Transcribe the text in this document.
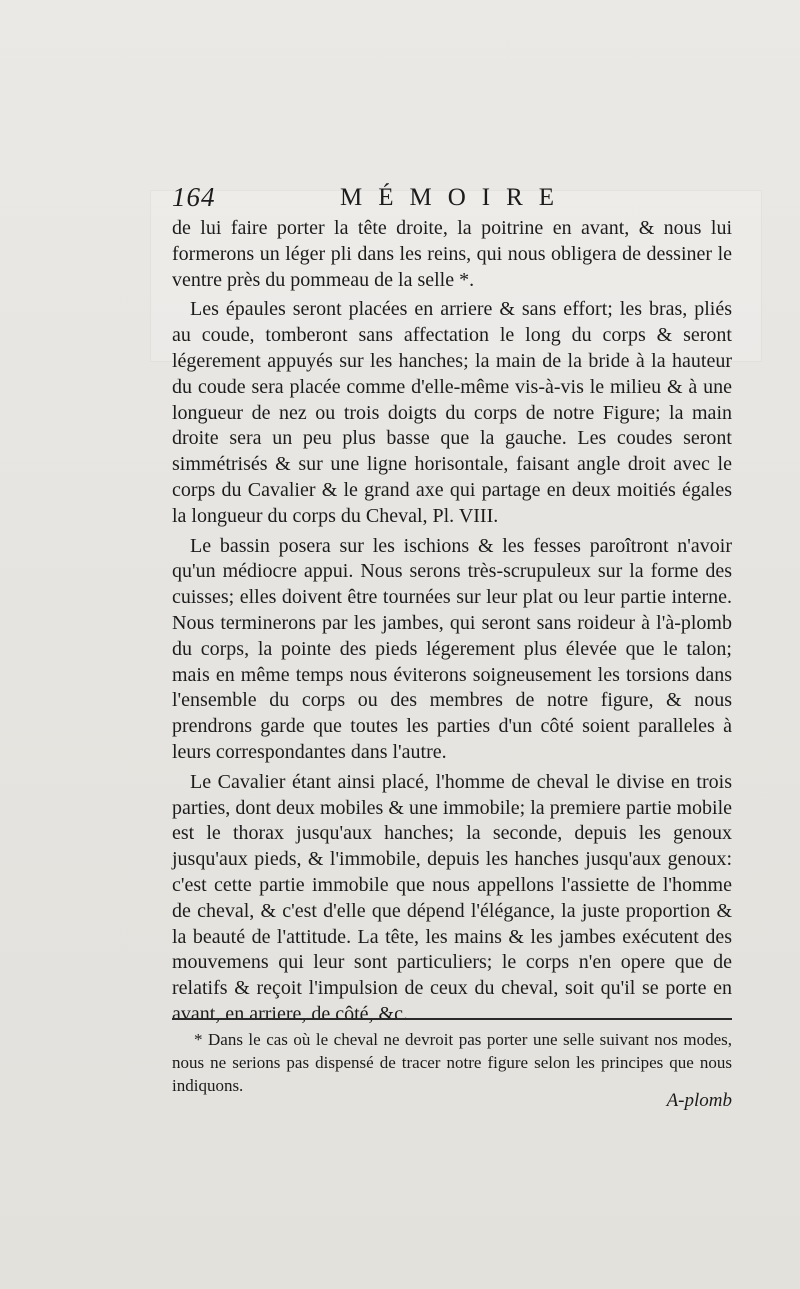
164	MÉMOIRE

de lui faire porter la tête droite, la poitrine en avant, & nous lui formerons un léger pli dans les reins, qui nous obligera de dessiner le ventre près du pommeau de la selle *.

Les épaules seront placées en arriere & sans effort; les bras, pliés au coude, tomberont sans affectation le long du corps & seront légerement appuyés sur les hanches; la main de la bride à la hauteur du coude sera placée comme d'elle-même vis-à-vis le milieu & à une longueur de nez ou trois doigts du corps de notre Figure; la main droite sera un peu plus basse que la gauche. Les coudes seront simmétrisés & sur une ligne horisontale, faisant angle droit avec le corps du Cavalier & le grand axe qui partage en deux moitiés égales la longueur du corps du Cheval, Pl. VIII.

Le bassin posera sur les ischions & les fesses paroîtront n'avoir qu'un médiocre appui. Nous serons très-scrupuleux sur la forme des cuisses; elles doivent être tournées sur leur plat ou leur partie interne. Nous terminerons par les jambes, qui seront sans roideur à l'à-plomb du corps, la pointe des pieds légerement plus élevée que le talon; mais en même temps nous éviterons soigneusement les torsions dans l'ensemble du corps ou des membres de notre figure, & nous prendrons garde que toutes les parties d'un côté soient paralleles à leurs correspondantes dans l'autre.

Le Cavalier étant ainsi placé, l'homme de cheval le divise en trois parties, dont deux mobiles & une immobile; la premiere partie mobile est le thorax jusqu'aux hanches; la seconde, depuis les genoux jusqu'aux pieds, & l'immobile, depuis les hanches jusqu'aux genoux: c'est cette partie immobile que nous appellons l'assiette de l'homme de cheval, & c'est d'elle que dépend l'élégance, la juste proportion & la beauté de l'attitude. La tête, les mains & les jambes exécutent des mouvemens qui leur sont particuliers; le corps n'en opere que de relatifs & reçoit l'impulsion de ceux du cheval, soit qu'il se porte en avant, en arriere, de côté, &c.

* Dans le cas où le cheval ne devroit pas porter une selle suivant nos modes, nous ne serions pas dispensé de tracer notre figure selon les principes que nous indiquons.
A-plomb
